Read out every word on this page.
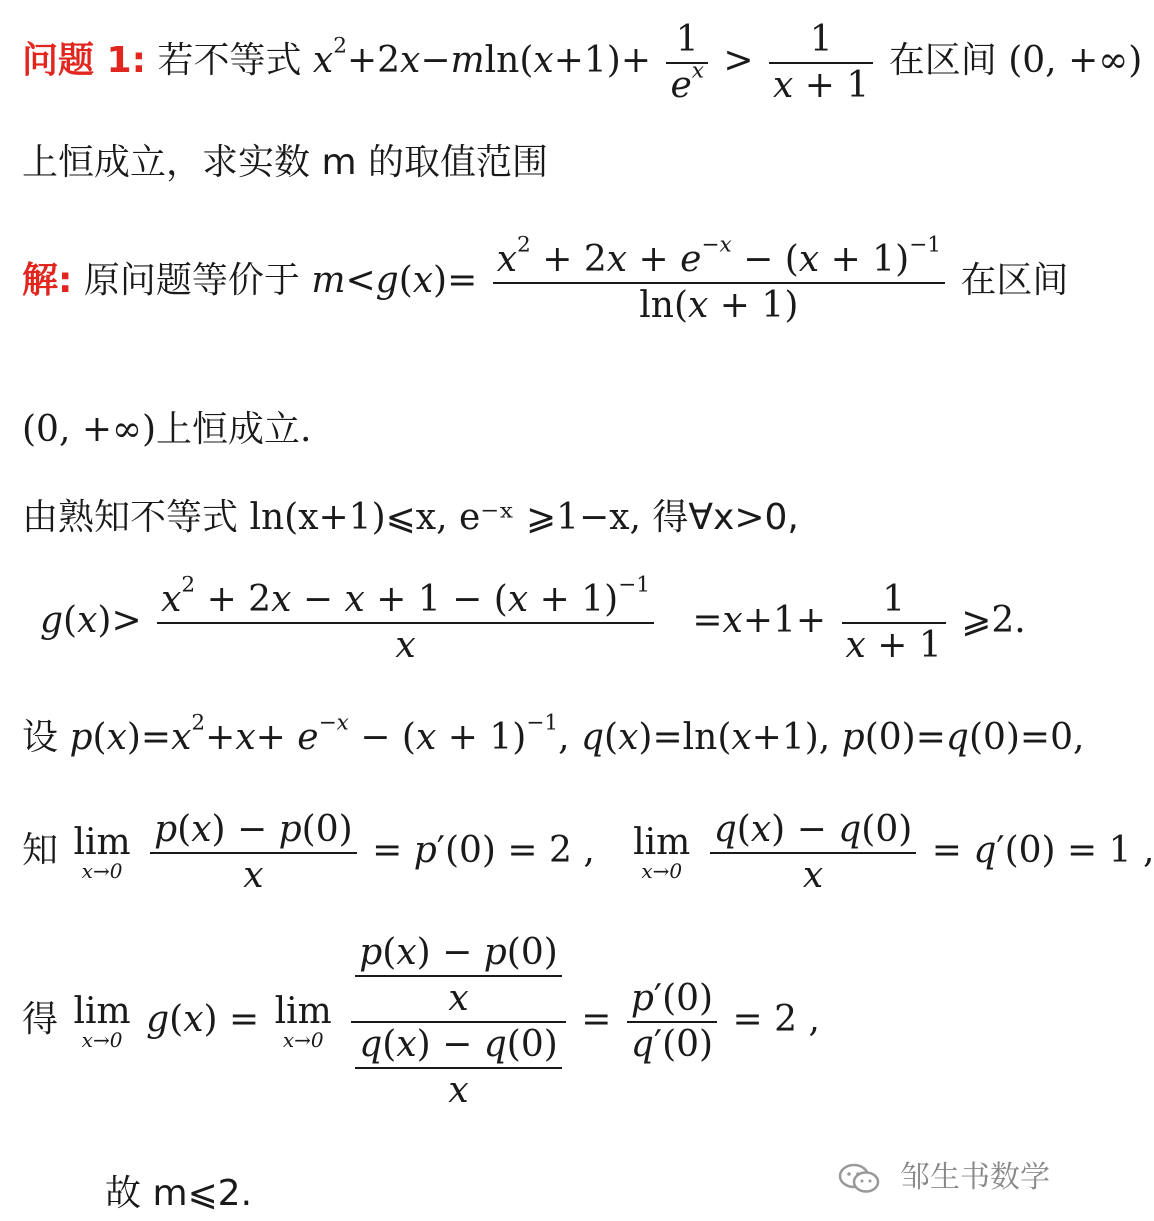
问题 1: 若不等式 $x^2+2x-mln(x+1)+ \frac{1}{e^x} > \frac{1}{x + 1}$ 在区间 (0, +∞)
上恒成立，求实数 m 的取值范围
解: 原问题等价于 $m<g(x)= \frac{x^2 + 2x + e^{-x} - (x + 1)^{-1}}{\ln(x + 1)}$ 在区间
(0, +∞)上恒成立.
由熟知不等式 ln(x+1)⩽x, e⁻ˣ ⩾1−x, 得∀x>0,
$g(x)> \frac{x^2 + 2x - x + 1 - (x + 1)^{-1}}{x} =x+1+ \frac{1}{x + 1}$ ⩾2.
设 $p(x)=x^2+x+ e^{-x} - (x + 1)^{-1}$, q(x)=ln(x+1), p(0)=q(0)=0,
知 lim
x→0
$\frac{p(x) - p(0)}{x} = p'(0) = 2$ , lim
x→0
$\frac{q(x) - q(0)}{x} = q'(0) = 1$ ,
得 lim
x→0 g(x) = lim
x→0
$\frac{\frac{p(x) - p(0)}{x}}{\frac{q(x) - q(0)}{x}} = \frac{p'(0)}{q'(0)} = 2$ ,
故 m⩽2.	邹生书数学
